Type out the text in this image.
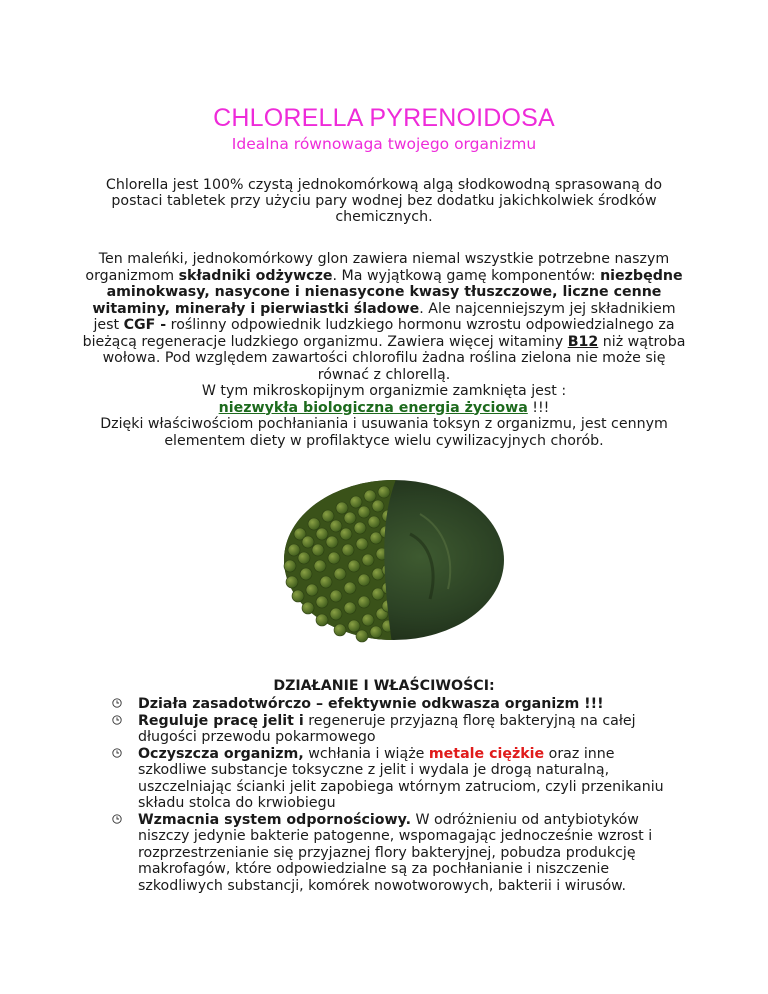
CHLORELLA PYRENOIDOSA
Idealna równowaga twojego organizmu
Chlorella jest 100% czystą jednokomórkową algą słodkowodną sprasowaną do
postaci tabletek przy użyciu pary wodnej bez dodatku jakichkolwiek środków
chemicznych.
Ten maleńki, jednokomórkowy glon zawiera niemal wszystkie potrzebne naszym organizmom składniki odżywcze. Ma wyjątkową gamę komponentów: niezbędne aminokwasy, nasycone i nienasycone kwasy tłuszczowe, liczne cenne witaminy, minerały i pierwiastki śladowe. Ale najcenniejszym jej składnikiem jest CGF - roślinny odpowiednik ludzkiego hormonu wzrostu odpowiedzialnego za bieżącą regeneracje ludzkiego organizmu. Zawiera więcej witaminy B12 niż wątroba wołowa. Pod względem zawartości chlorofilu żadna roślina zielona nie może się równać z chlorellą.
W tym mikroskopijnym organizmie zamknięta jest :
niezwykła biologiczna energia życiowa !!!
Dzięki właściwościom pochłaniania i usuwania toksyn z organizmu, jest cennym elementem diety w profilaktyce wielu cywilizacyjnych chorób.
DZIAŁANIE I WŁAŚCIWOŚCI:
Działa zasadotwórczo – efektywnie odkwasza organizm !!!
Reguluje pracę jelit i regeneruje przyjazną florę bakteryjną na całej długości przewodu pokarmowego
Oczyszcza organizm, wchłania i wiąże metale ciężkie oraz inne szkodliwe substancje toksyczne z jelit i wydala je drogą naturalną, uszczelniając ścianki jelit zapobiega wtórnym zatruciom, czyli przenikaniu składu stolca do krwiobiegu
Wzmacnia system odpornościowy. W odróżnieniu od antybiotyków niszczy jedynie bakterie patogenne, wspomagając jednocześnie wzrost i rozprzestrzenianie się przyjaznej flory bakteryjnej, pobudza produkcję makrofagów, które odpowiedzialne są za pochłanianie i niszczenie szkodliwych substancji, komórek nowotworowych, bakterii i wirusów.
